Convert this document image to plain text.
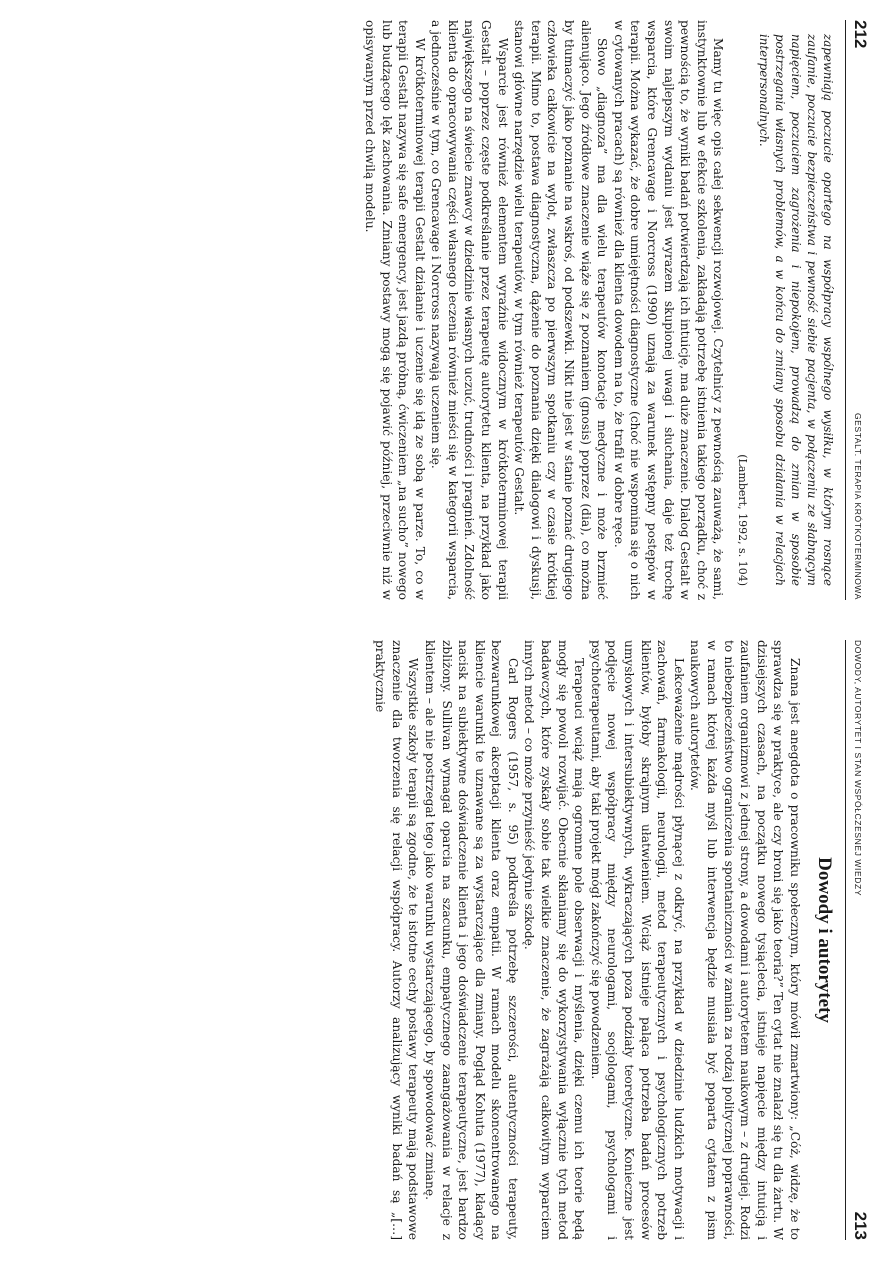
212
GESTALT. TERAPIA KRÓTKOTERMINOWA

zapewniają poczucie opartego na współpracy wspólnego wysiłku, w którym rosnące zaufanie, poczucie bezpieczeństwa i pewność siebie pacjenta, w połączeniu ze słabnącym napięciem, poczuciem zagrożenia i niepokojem, prowadzą do zmian w sposobie postrzegania własnych problemów, a w końcu do zmiany sposobu działania w relacjach interpersonalnych.

(Lambert, 1992, s. 104)

Mamy tu więc opis całej sekwencji rozwojowej. Czytelnicy z pewnością zauważą, że sami, instynktownie lub w efekcie szkolenia, zakładają potrzebę istnienia takiego porządku, choć z pewnością to, że wyniki badań potwierdzają ich intuicję, ma duże znaczenie. Dialog Gestalt w swoim najlepszym wydaniu jest wyrazem skupionej uwagi i słuchania, daje też trochę wsparcia, które Grencavage i Norcross (1990) uznają za warunek wstępny postępów w terapii. Można wykazać, że dobre umiejętności diagnostyczne (choć nie wspomina się o nich w cytowanych pracach) są również dla klienta dowodem na to, że trafił w dobre ręce.

Słowo „diagnoza” ma dla wielu terapeutów konotacje medyczne i może brzmieć alienująco. Jego źródłowe znaczenie wiąże się z poznaniem (gnosis) poprzez (dia), co można by tłumaczyć jako poznanie na wskroś, od podszewki. Nikt nie jest w stanie poznać drugiego człowieka całkowicie na wylot, zwłaszcza po pierwszym spotkaniu czy w czasie krótkiej terapii. Mimo to, postawa diagnostyczna, dążenie do poznania dzięki dialogowi i dyskusji, stanowi główne narzędzie wielu terapeutów, w tym również terapeutów Gestalt.

Wsparcie jest również elementem wyraźnie widocznym w krótkoterminowej terapii Gestalt – poprzez częste podkreślanie przez terapeutę autorytetu klienta, na przykład jako największego na świecie znawcy w dziedzinie własnych uczuć, trudności i pragnień. Zdolność klienta do opracowywania części własnego leczenia również mieści się w kategorii wsparcia, a jednocześnie w tym, co Grencavage i Norcross nazywają uczeniem się.

W krótkoterminowej terapii Gestalt działanie i uczenie się idą ze sobą w parze. To, co w terapii Gestalt nazywa się safe emergency, jest jazdą próbną, ćwiczeniem „na sucho” nowego lub budzącego lęk zachowania. Zmiany postawy mogą się pojawić później, przeciwnie niż w opisywanym przed chwilą modelu.

DOWODY, AUTORYTET I STAN WSPÓŁCZESNEJ WIEDZY
213
Dowody i autorytety

Znana jest anegdota o pracowniku społecznym, który mówił zmartwiony: „Cóż, widzę, że to sprawdza się w praktyce, ale czy broni się jako teoria?” Ten cytat nie znalazł się tu dla żartu. W dzisiejszych czasach, na początku nowego tysiąclecia, istnieje napięcie między intuicją i zaufaniem organizmowi z jednej strony, a dowodami i autorytetem naukowym – z drugiej. Rodzi to niebezpieczeństwo ograniczenia spontaniczności w zamian za rodzaj politycznej poprawności, w ramach której każda myśl lub interwencja będzie musiała być poparta cytatem z pism naukowych autorytetów.

Lekceważenie mądrości płynącej z odkryć, na przykład w dziedzinie ludzkich motywacji i zachowań, farmakologii, neurologii, metod terapeutycznych i psychologicznych potrzeb klientów, byłoby skrajnym ułatwieniem. Wciąż istnieje paląca potrzeba badań procesów umysłowych i intersubiektywnych, wykraczających poza podziały teoretyczne. Konieczne jest podjęcie nowej współpracy między neurologami, socjologami, psychologami i psychoterapeutami, aby taki projekt mógł zakończyć się powodzeniem.

Terapeuci wciąż mają ogromne pole obserwacji i myślenia, dzięki czemu ich teorie będą mogły się powoli rozwijać. Obecnie skłaniamy się do wykorzystywania wyłącznie tych metod badawczych, które zyskały sobie tak wielkie znaczenie, że zagrażają całkowitym wyparciem innych metod – co może przynieść jedynie szkodę.

Carl Rogers (1957, s. 95) podkreśla potrzebę szczerości, autentyczności terapeuty, bezwarunkowej akceptacji klienta oraz empatii. W ramach modelu skoncentrowanego na kliencie warunki te uznawane są za wystarczające dla zmiany. Pogląd Kohuta (1977), kładący nacisk na subiektywne doświadczenie klienta i jego doświadczenie terapeutyczne, jest bardzo zbliżony. Sullivan wymagał oparcia na szacunku, empatycznego zaangażowania w relacje z klientem – ale nie postrzegał tego jako warunku wystarczającego, by spowodować zmianę.

Wszystkie szkoły terapii są zgodne, że te istotne cechy postawy terapeuty mają podstawowe znaczenie dla tworzenia się relacji współpracy. Autorzy analizujący wyniki badań są „[…] praktycznie
